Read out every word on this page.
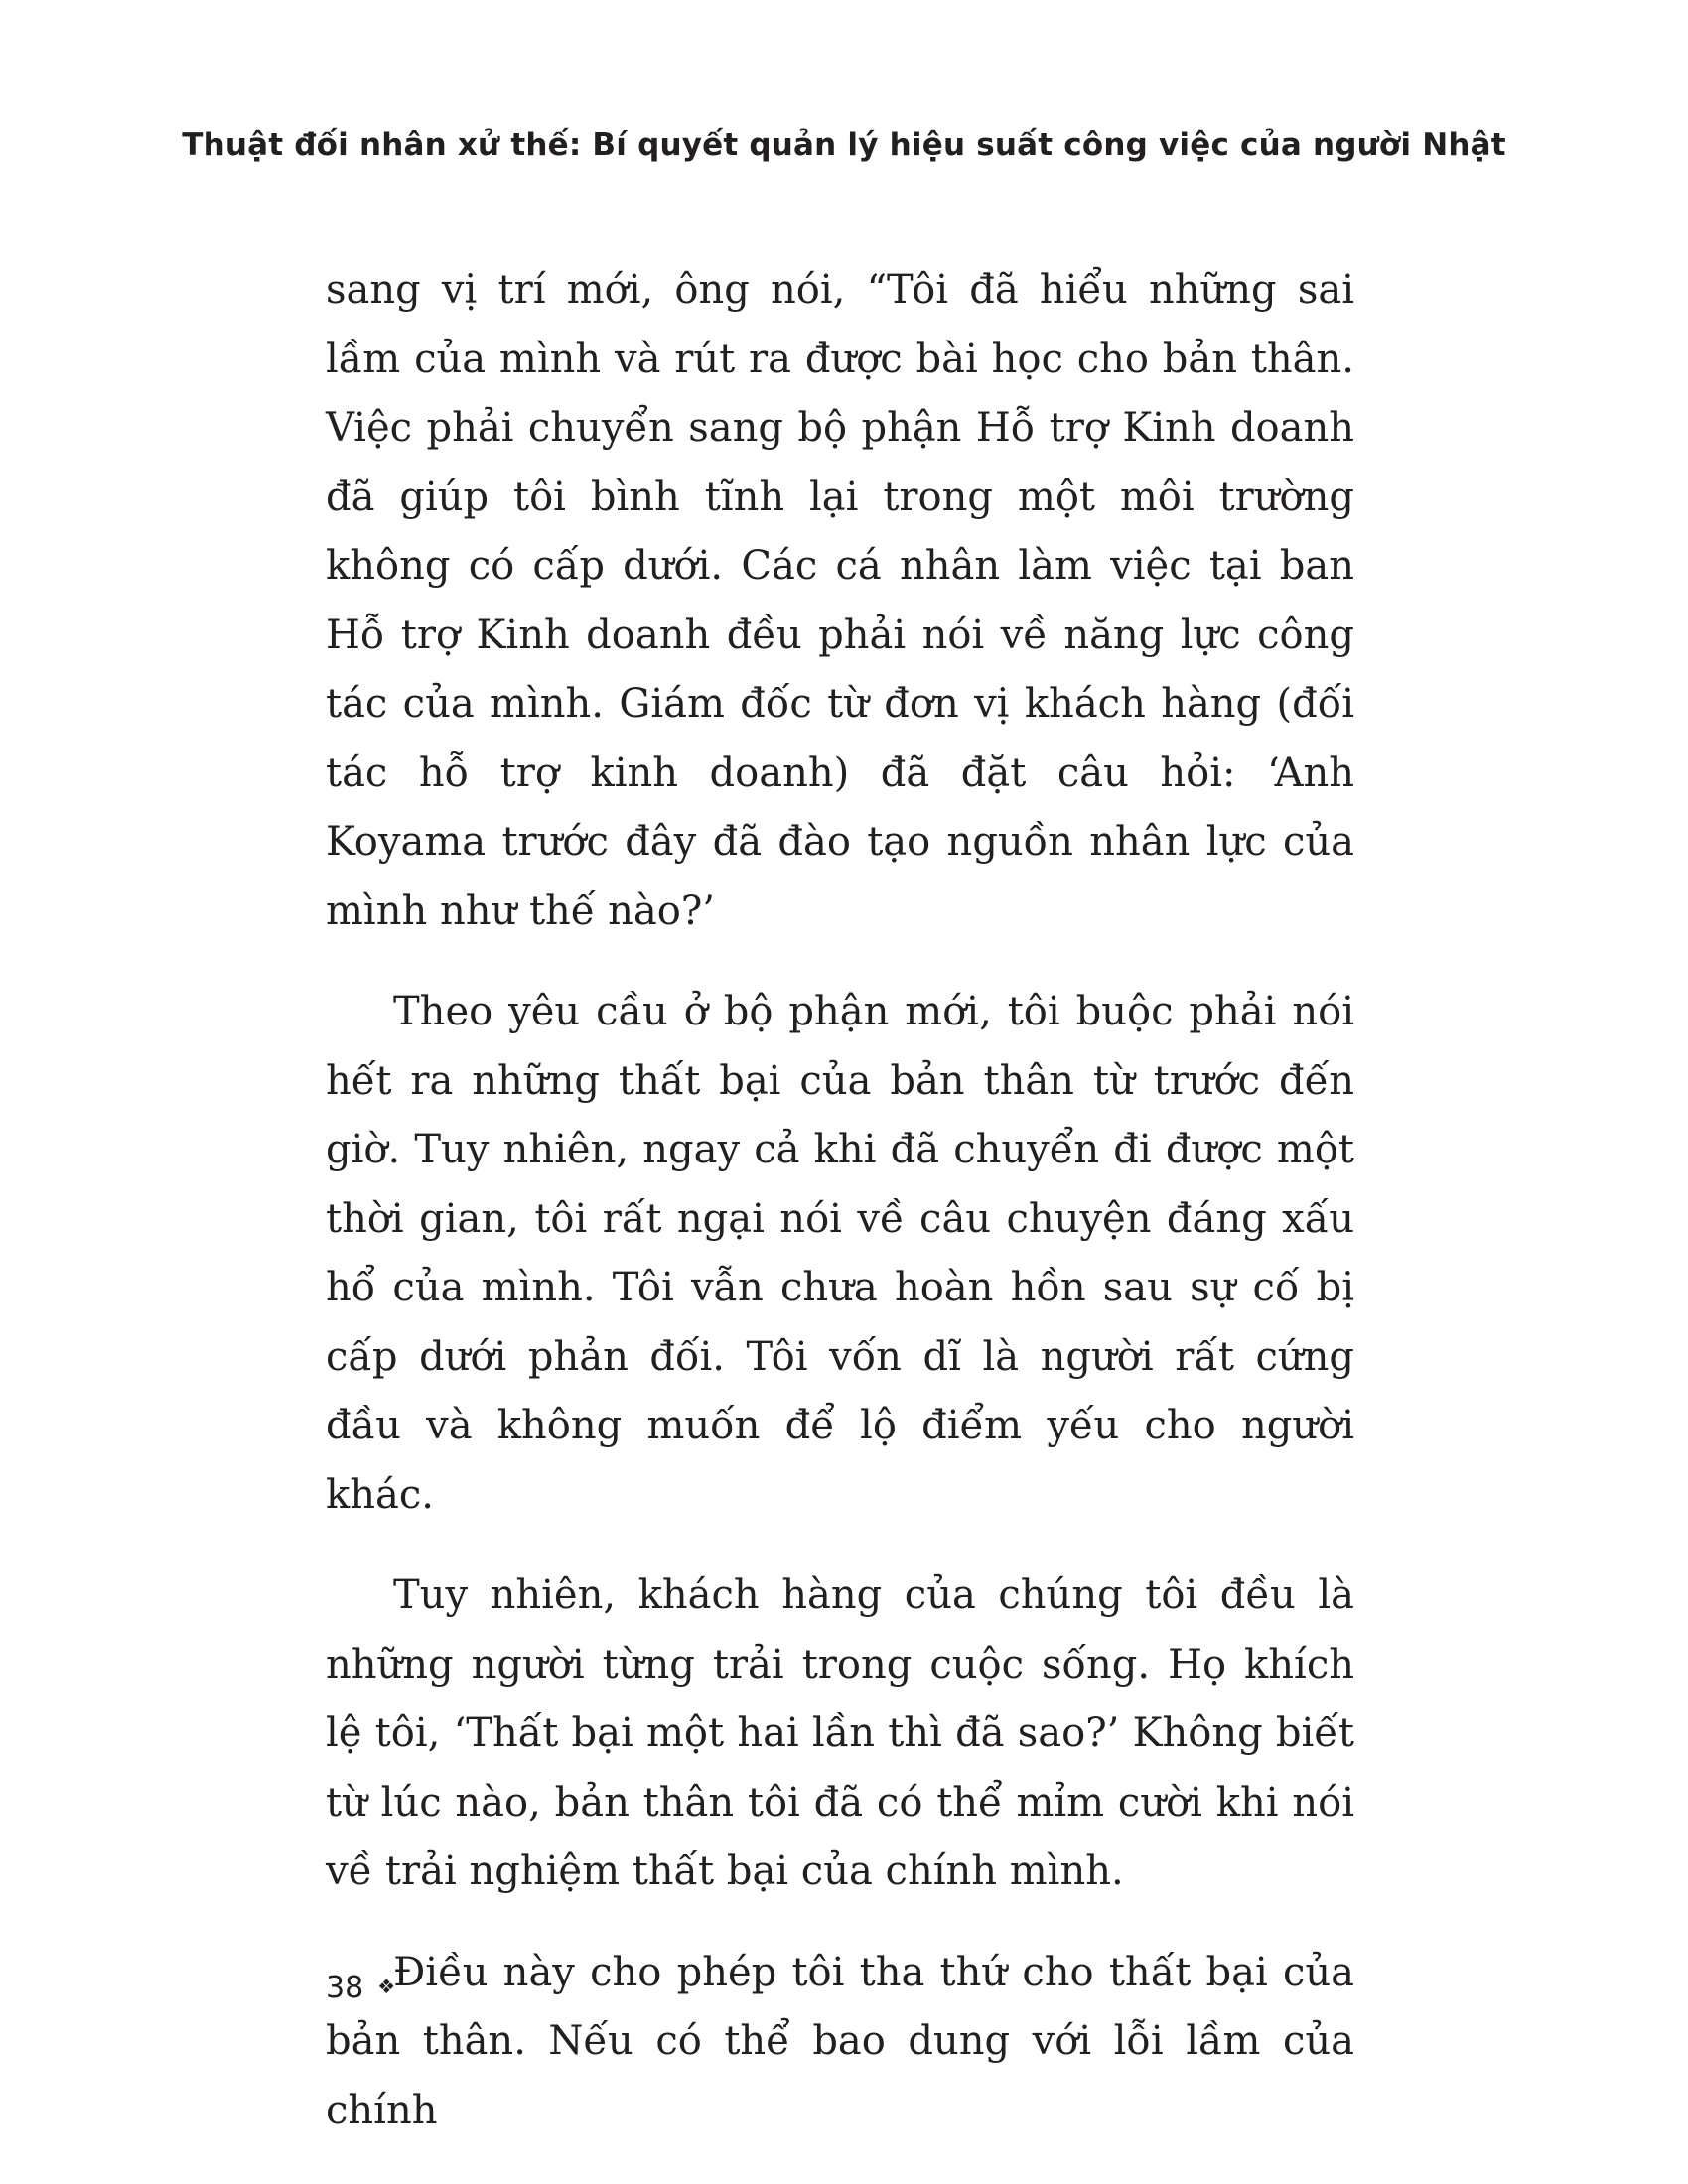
Thuật đối nhân xử thế: Bí quyết quản lý hiệu suất công việc của người Nhật

sang vị trí mới, ông nói, “Tôi đã hiểu những sai lầm của mình và rút ra được bài học cho bản thân. Việc phải chuyển sang bộ phận Hỗ trợ Kinh doanh đã giúp tôi bình tĩnh lại trong một môi trường không có cấp dưới. Các cá nhân làm việc tại ban Hỗ trợ Kinh doanh đều phải nói về năng lực công tác của mình. Giám đốc từ đơn vị khách hàng (đối tác hỗ trợ kinh doanh) đã đặt câu hỏi: ‘Anh Koyama trước đây đã đào tạo nguồn nhân lực của mình như thế nào?’

Theo yêu cầu ở bộ phận mới, tôi buộc phải nói hết ra những thất bại của bản thân từ trước đến giờ. Tuy nhiên, ngay cả khi đã chuyển đi được một thời gian, tôi rất ngại nói về câu chuyện đáng xấu hổ của mình. Tôi vẫn chưa hoàn hồn sau sự cố bị cấp dưới phản đối. Tôi vốn dĩ là người rất cứng đầu và không muốn để lộ điểm yếu cho người khác.

Tuy nhiên, khách hàng của chúng tôi đều là những người từng trải trong cuộc sống. Họ khích lệ tôi, ‘Thất bại một hai lần thì đã sao?’ Không biết từ lúc nào, bản thân tôi đã có thể mỉm cười khi nói về trải nghiệm thất bại của chính mình.

Điều này cho phép tôi tha thứ cho thất bại của bản thân. Nếu có thể bao dung với lỗi lầm của chính

38 ❖
